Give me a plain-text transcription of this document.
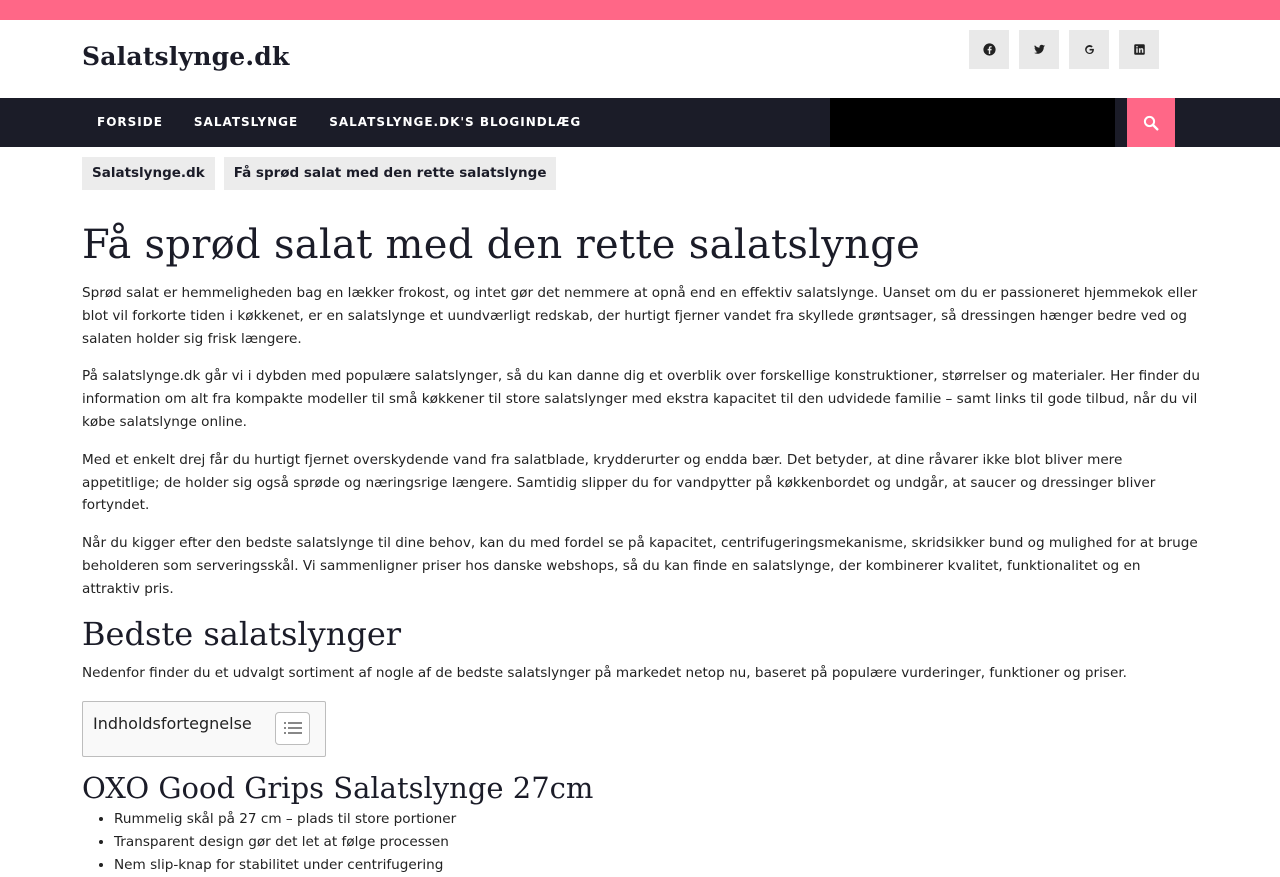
Salatslynge.dk
FORSIDE	SALATSLYNGE	SALATSLYNGE.DK'S BLOGINDLÆG
Salatslynge.dk	Få sprød salat med den rette salatslynge
Få sprød salat med den rette salatslynge

Sprød salat er hemmeligheden bag en lækker frokost, og intet gør det nemmere at opnå end en effektiv salatslynge. Uanset om du er passioneret hjemmekok eller blot vil forkorte tiden i køkkenet, er en salatslynge et uundværligt redskab, der hurtigt fjerner vandet fra skyllede grøntsager, så dressingen hænger bedre ved og salaten holder sig frisk længere.

På salatslynge.dk går vi i dybden med populære salatslynger, så du kan danne dig et overblik over forskellige konstruktioner, størrelser og materialer. Her finder du information om alt fra kompakte modeller til små køkkener til store salatslynger med ekstra kapacitet til den udvidede familie – samt links til gode tilbud, når du vil købe salatslynge online.

Med et enkelt drej får du hurtigt fjernet overskydende vand fra salatblade, krydderurter og endda bær. Det betyder, at dine råvarer ikke blot bliver mere appetitlige; de holder sig også sprøde og næringsrige længere. Samtidig slipper du for vandpytter på køkkenbordet og undgår, at saucer og dressinger bliver fortyndet.

Når du kigger efter den bedste salatslynge til dine behov, kan du med fordel se på kapacitet, centrifugeringsmekanisme, skridsikker bund og mulighed for at bruge beholderen som serveringsskål. Vi sammenligner priser hos danske webshops, så du kan finde en salatslynge, der kombinerer kvalitet, funktionalitet og en attraktiv pris.

Bedste salatslynger

Nedenfor finder du et udvalgt sortiment af nogle af de bedste salatslynger på markedet netop nu, baseret på populære vurderinger, funktioner og priser.

Indholdsfortegnelse
OXO Good Grips Salatslynge 27cm
• Rummelig skål på 27 cm – plads til store portioner
• Transparent design gør det let at følge processen
• Nem slip-knap for stabilitet under centrifugering
